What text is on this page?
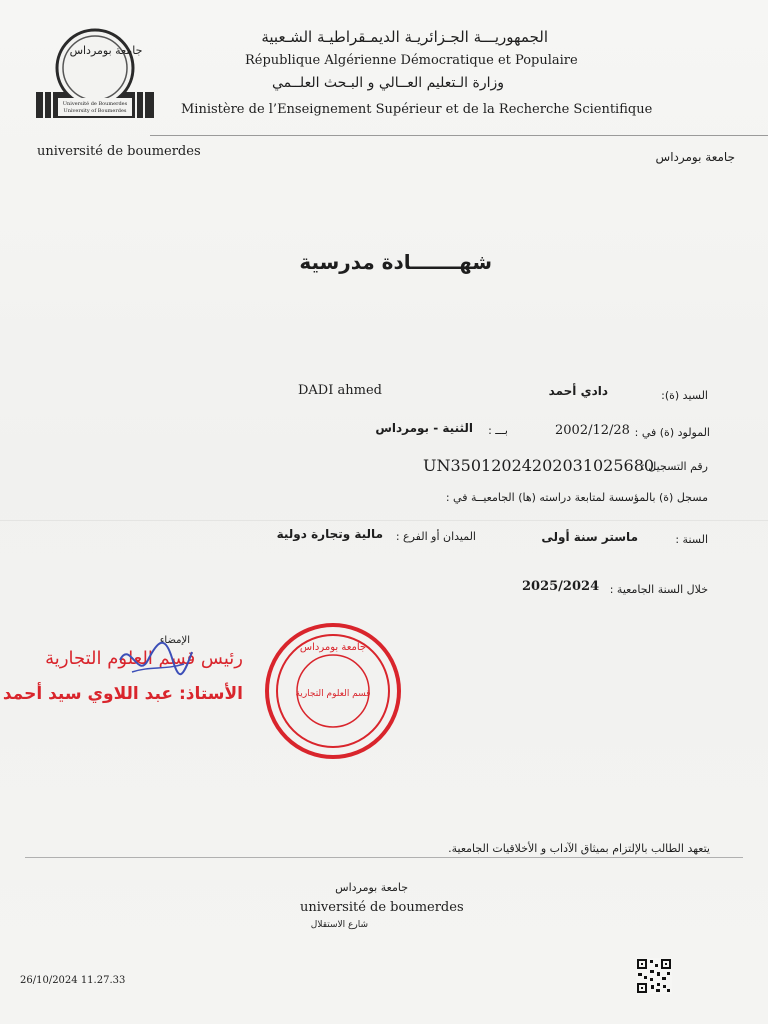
جامعة بومرداس
Université de Boumerdes
University of Boumerdes
الجمهوريـــة الجـزائريـة الديمـقراطيـة الشـعبية
République Algérienne Démocratique et Populaire
وزارة الـتعليم العــالي و البـحث العلــمي
Ministère de l’Enseignement Supérieur et de la Recherche Scientifique
université de boumerdes	جامعة بومرداس
شهـــــــادة مدرسية
السيد (ة):
دادي أحمد
DADI ahmed
المولود (ة) في :
2002/12/28
بـــ :
الثنية - بومرداس
رقم التسجيل :
UN35012024202031025680
مسجل (ة) بالمؤسسة لمتابعة دراسته (ها) الجامعيــة في :
السنة :
ماستر سنة أولى
الميدان أو الفرع :
مالية وتجارة دولية
خلال السنة الجامعية :
2025/2024
الإمضاء
رئيس قسم العلوم التجارية
الأستاذ: عبد اللاوي سيد أحمد
جامعة بومرداس
قسم العلوم التجارية
يتعهد الطالب بالإلتزام بميثاق الآداب و الأخلاقيات الجامعية.
جامعة بومرداس
université de boumerdes
شارع الاستقلال
26/10/2024 11.27.33
